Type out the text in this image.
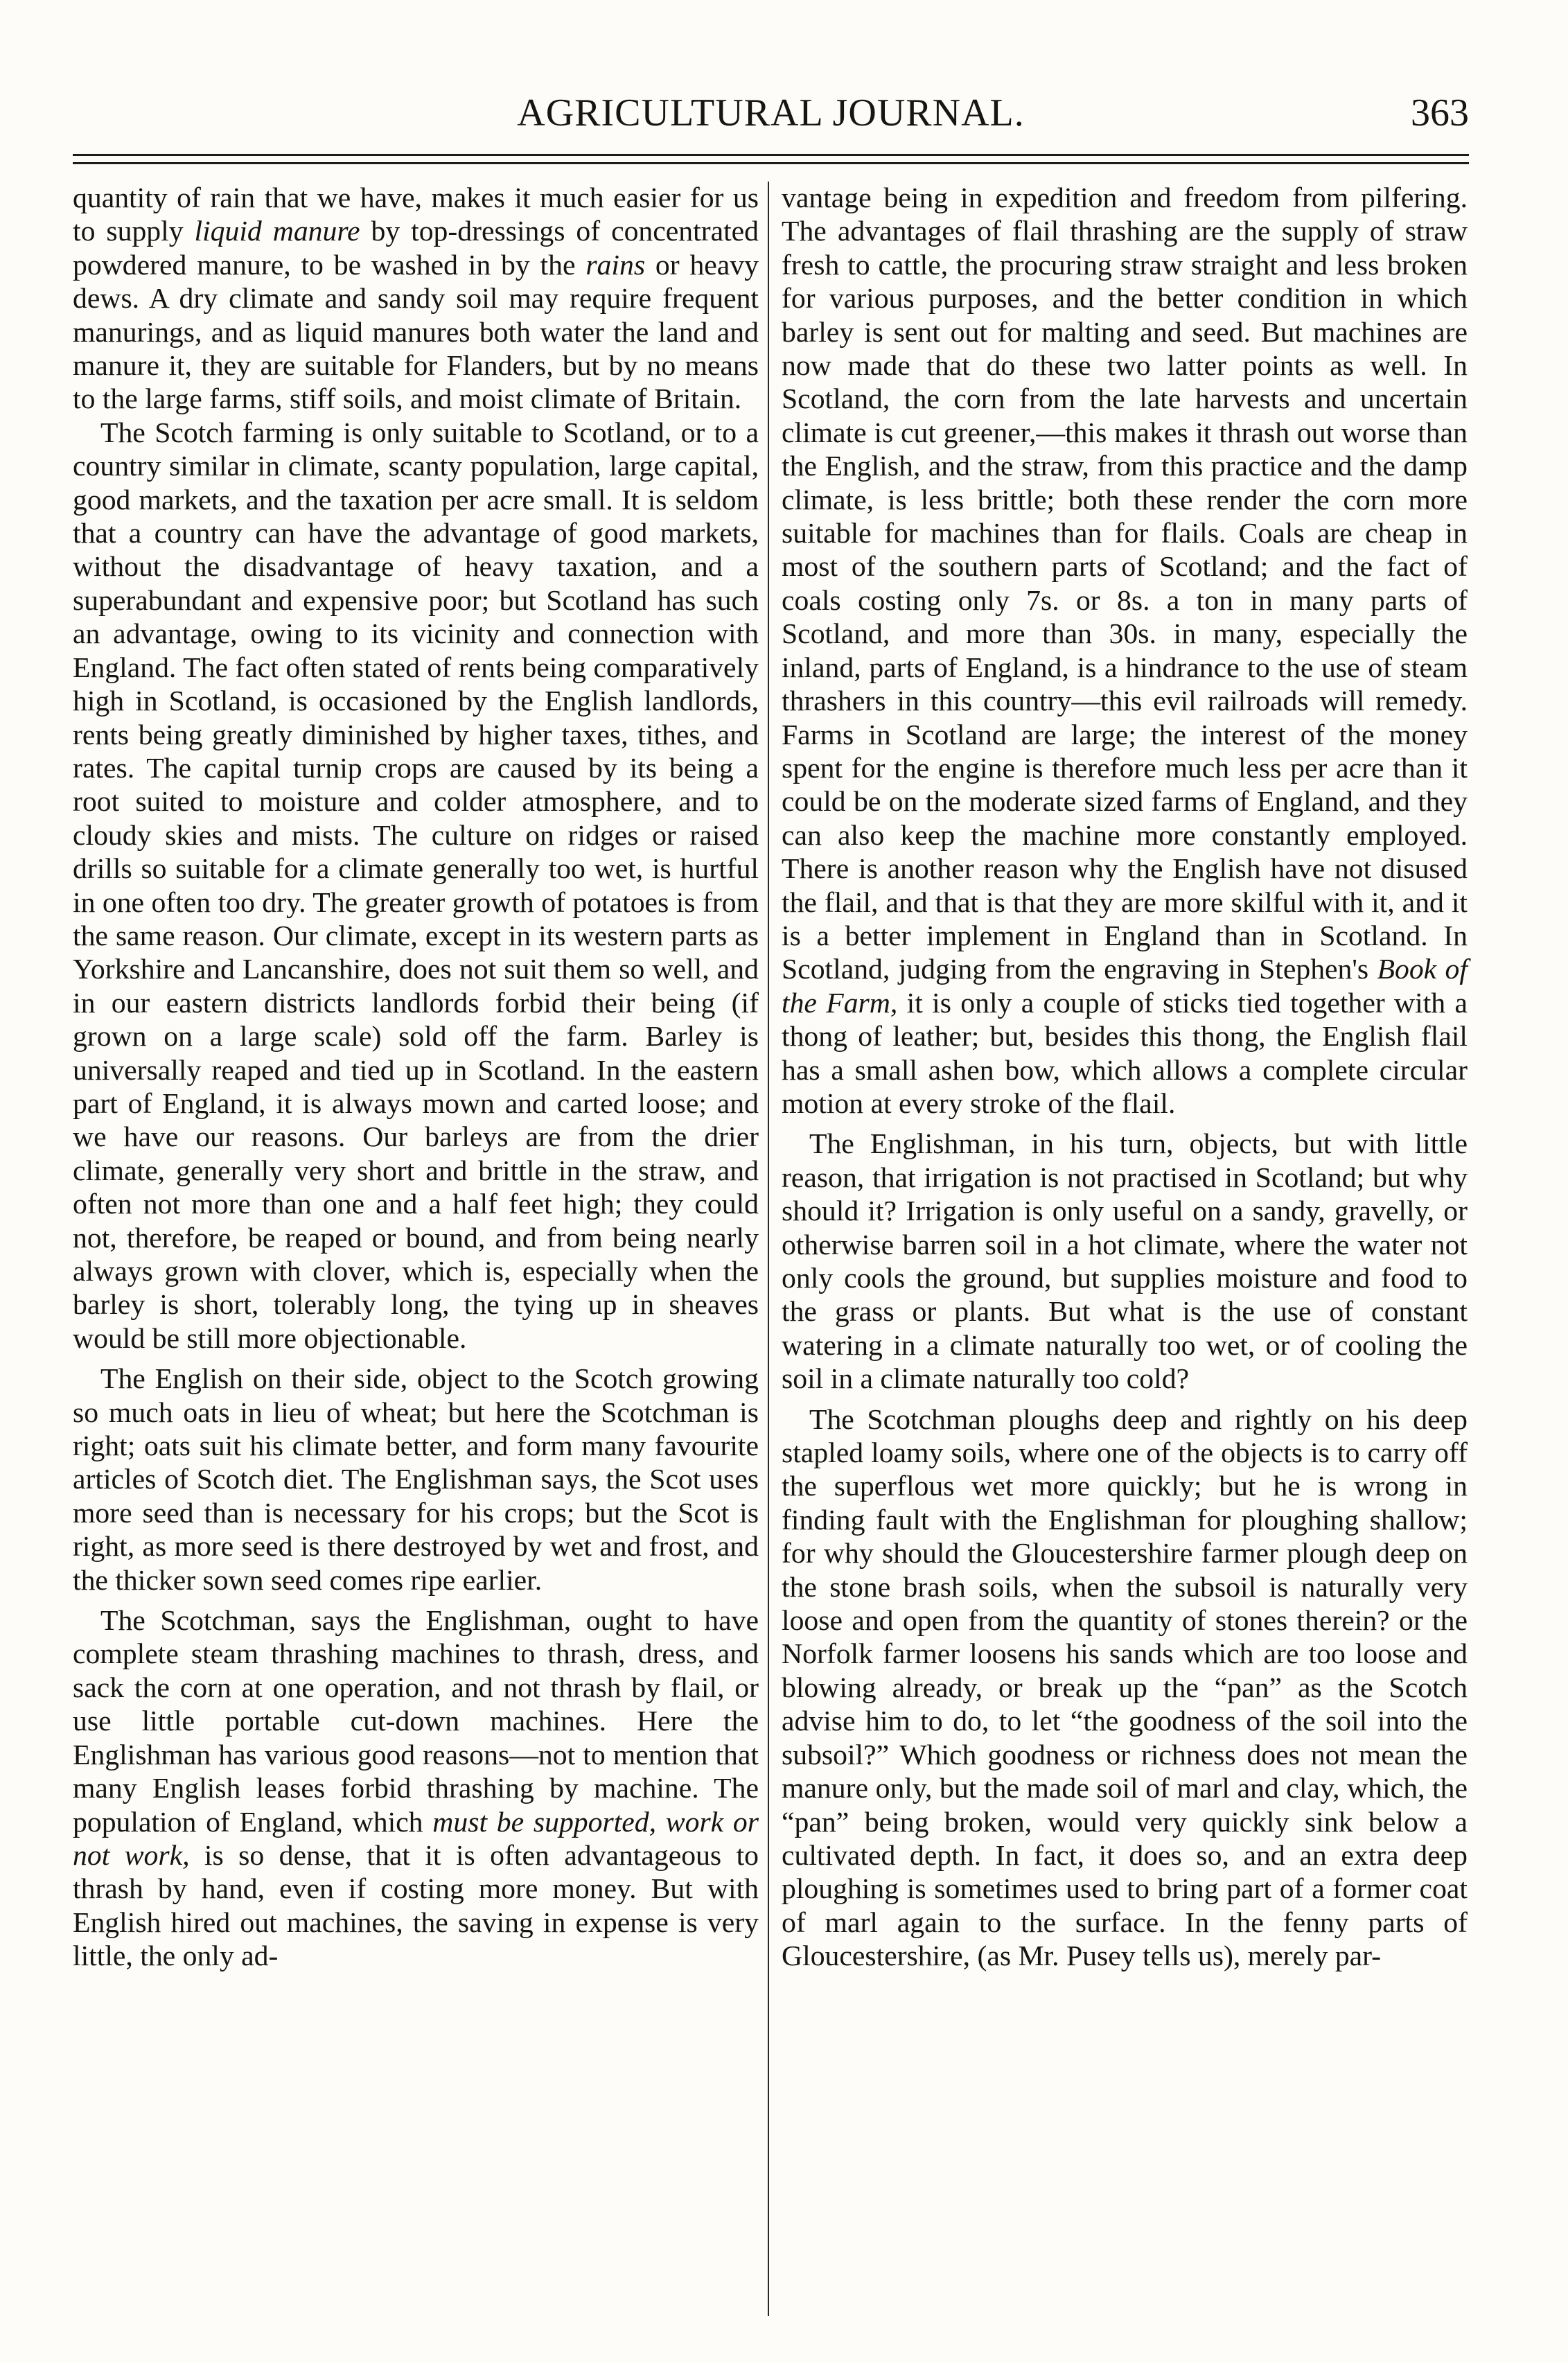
AGRICULTURAL JOURNAL.	363

quantity of rain that we have, makes it much easier for us to supply liquid manure by top-dressings of concentrated powdered manure, to be washed in by the rains or heavy dews. A dry climate and sandy soil may require frequent manurings, and as liquid manures both water the land and manure it, they are suitable for Flanders, but by no means to the large farms, stiff soils, and moist climate of Britain.

The Scotch farming is only suitable to Scotland, or to a country similar in climate, scanty population, large capital, good markets, and the taxation per acre small. It is seldom that a country can have the advantage of good markets, without the disadvantage of heavy taxation, and a superabundant and expensive poor; but Scotland has such an advantage, owing to its vicinity and connection with England. The fact often stated of rents being comparatively high in Scotland, is occasioned by the English landlords, rents being greatly diminished by higher taxes, tithes, and rates. The capital turnip crops are caused by its being a root suited to moisture and colder atmosphere, and to cloudy skies and mists. The culture on ridges or raised drills so suitable for a climate generally too wet, is hurtful in one often too dry. The greater growth of potatoes is from the same reason. Our climate, except in its western parts as Yorkshire and Lancanshire, does not suit them so well, and in our eastern districts landlords forbid their being (if grown on a large scale) sold off the farm. Barley is universally reaped and tied up in Scotland. In the eastern part of England, it is always mown and carted loose; and we have our reasons. Our barleys are from the drier climate, generally very short and brittle in the straw, and often not more than one and a half feet high; they could not, therefore, be reaped or bound, and from being nearly always grown with clover, which is, especially when the barley is short, tolerably long, the tying up in sheaves would be still more objectionable.

The English on their side, object to the Scotch growing so much oats in lieu of wheat; but here the Scotchman is right; oats suit his climate better, and form many favourite articles of Scotch diet. The Englishman says, the Scot uses more seed than is necessary for his crops; but the Scot is right, as more seed is there destroyed by wet and frost, and the thicker sown seed comes ripe earlier.

The Scotchman, says the Englishman, ought to have complete steam thrashing machines to thrash, dress, and sack the corn at one operation, and not thrash by flail, or use little portable cut-down machines. Here the Englishman has various good reasons—not to mention that many English leases forbid thrashing by machine. The population of England, which must be supported, work or not work, is so dense, that it is often advantageous to thrash by hand, even if costing more money. But with English hired out machines, the saving in expense is very little, the only ad-

vantage being in expedition and freedom from pilfering. The advantages of flail thrashing are the supply of straw fresh to cattle, the procuring straw straight and less broken for various purposes, and the better condition in which barley is sent out for malting and seed. But machines are now made that do these two latter points as well. In Scotland, the corn from the late harvests and uncertain climate is cut greener,—this makes it thrash out worse than the English, and the straw, from this practice and the damp climate, is less brittle; both these render the corn more suitable for machines than for flails. Coals are cheap in most of the southern parts of Scotland; and the fact of coals costing only 7s. or 8s. a ton in many parts of Scotland, and more than 30s. in many, especially the inland, parts of England, is a hindrance to the use of steam thrashers in this country—this evil railroads will remedy. Farms in Scotland are large; the interest of the money spent for the engine is therefore much less per acre than it could be on the moderate sized farms of England, and they can also keep the machine more constantly employed. There is another reason why the English have not disused the flail, and that is that they are more skilful with it, and it is a better implement in England than in Scotland. In Scotland, judging from the engraving in Stephen's Book of the Farm, it is only a couple of sticks tied together with a thong of leather; but, besides this thong, the English flail has a small ashen bow, which allows a complete circular motion at every stroke of the flail.

The Englishman, in his turn, objects, but with little reason, that irrigation is not practised in Scotland; but why should it? Irrigation is only useful on a sandy, gravelly, or otherwise barren soil in a hot climate, where the water not only cools the ground, but supplies moisture and food to the grass or plants. But what is the use of constant watering in a climate naturally too wet, or of cooling the soil in a climate naturally too cold?

The Scotchman ploughs deep and rightly on his deep stapled loamy soils, where one of the objects is to carry off the superflous wet more quickly; but he is wrong in finding fault with the Englishman for ploughing shallow; for why should the Gloucestershire farmer plough deep on the stone brash soils, when the subsoil is naturally very loose and open from the quantity of stones therein? or the Norfolk farmer loosens his sands which are too loose and blowing already, or break up the “pan” as the Scotch advise him to do, to let “the goodness of the soil into the subsoil?” Which goodness or richness does not mean the manure only, but the made soil of marl and clay, which, the “pan” being broken, would very quickly sink below a cultivated depth. In fact, it does so, and an extra deep ploughing is sometimes used to bring part of a former coat of marl again to the surface. In the fenny parts of Gloucestershire, (as Mr. Pusey tells us), merely par-
